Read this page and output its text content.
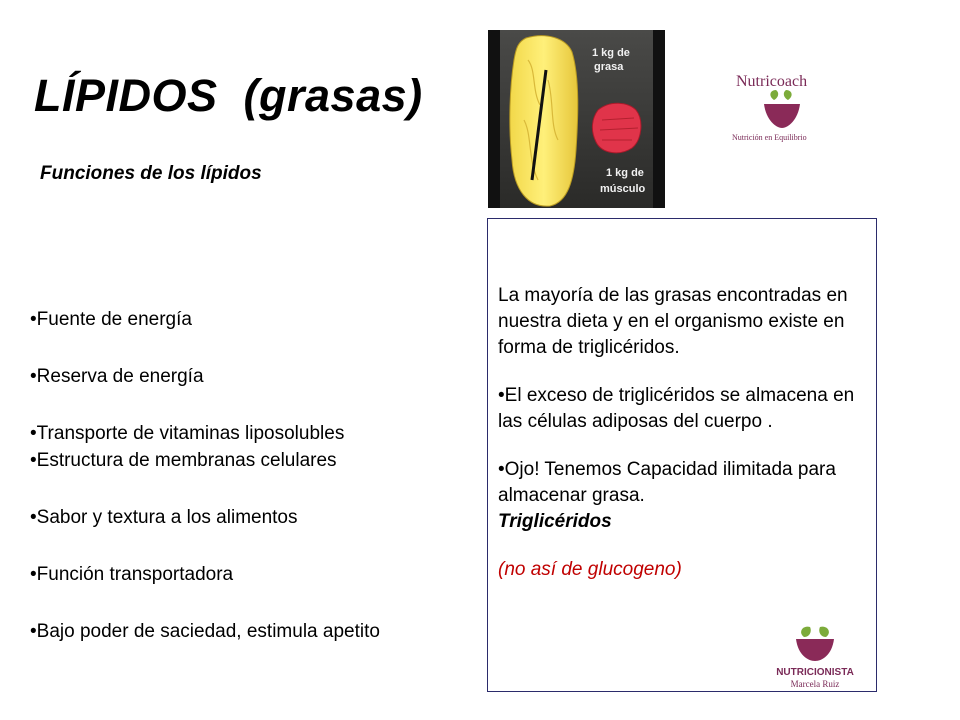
LÍPIDOS  (grasas)

Funciones de los lípidos

•Fuente de energía
•Reserva de energía
•Transporte de vitaminas liposolubles
•Estructura de membranas celulares
•Sabor y textura a los alimentos
•Función transportadora
•Bajo poder de saciedad, estimula apetito
1 kg de
grasa
1 kg de
músculo
Nutricoach
Nutrición en Equilibrio

La mayoría de las grasas encontradas en nuestra dieta y en el organismo existe en forma de triglicéridos.

•El exceso de triglicéridos se almacena en las células adiposas del cuerpo .

•Ojo! Tenemos Capacidad ilimitada para almacenar grasa.

Triglicéridos

(no así de glucogeno)

NUTRICIONISTA
Marcela Ruiz
